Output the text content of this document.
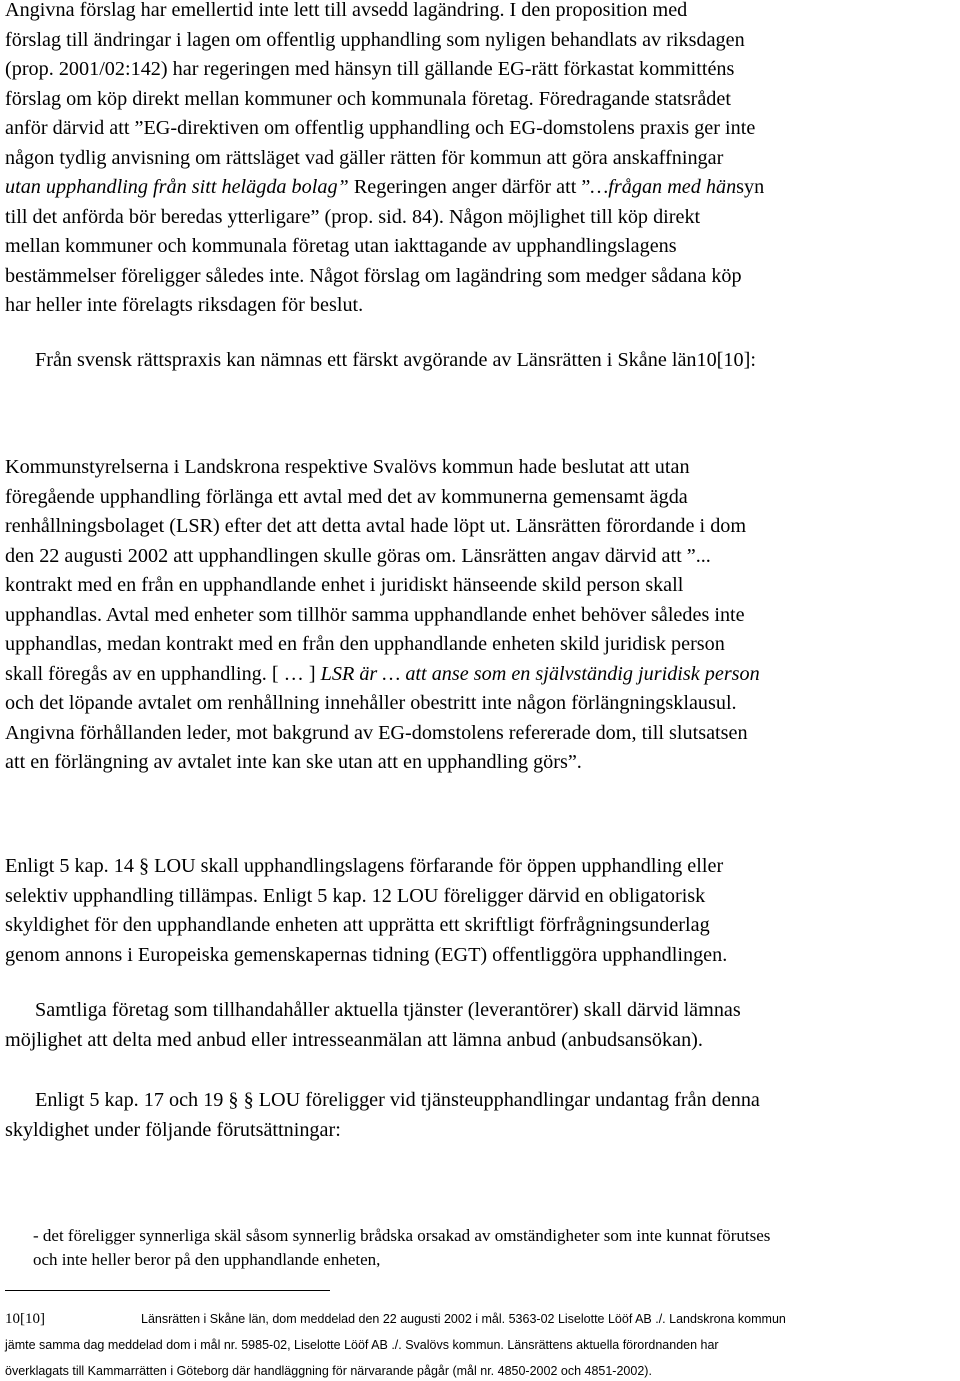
Angivna förslag har emellertid inte lett till avsedd lagändring. I den proposition med
förslag till ändringar i lagen om offentlig upphandling som nyligen behandlats av riksdagen
(prop. 2001/02:142) har regeringen med hänsyn till gällande EG-rätt förkastat kommitténs
förslag om köp direkt mellan kommuner och kommunala företag. Föredragande statsrådet
anför därvid att ”EG-direktiven om offentlig upphandling och EG-domstolens praxis ger inte
någon tydlig anvisning om rättsläget vad gäller rätten för kommun att göra anskaffningar
utan upphandling från sitt helägda bolag” Regeringen anger därför att ”…frågan med hänsyn
till det anförda bör beredas ytterligare” (prop. sid. 84). Någon möjlighet till köp direkt
mellan kommuner och kommunala företag utan iakttagande av upphandlingslagens
bestämmelser föreligger således inte. Något förslag om lagändring som medger sådana köp
har heller inte förelagts riksdagen för beslut.
Från svensk rättspraxis kan nämnas ett färskt avgörande av Länsrätten i Skåne län10[10]:
Kommunstyrelserna i Landskrona respektive Svalövs kommun hade beslutat att utan
föregående upphandling förlänga ett avtal med det av kommunerna gemensamt ägda
renhållningsbolaget (LSR) efter det att detta avtal hade löpt ut. Länsrätten förordande i dom
den 22 augusti 2002 att upphandlingen skulle göras om. Länsrätten angav därvid att ”...
kontrakt med en från en upphandlande enhet i juridiskt hänseende skild person skall
upphandlas. Avtal med enheter som tillhör samma upphandlande enhet behöver således inte
upphandlas, medan kontrakt med en från den upphandlande enheten skild juridisk person
skall föregås av en upphandling. [ … ] LSR är … att anse som en självständig juridisk person
och det löpande avtalet om renhållning innehåller obestritt inte någon förlängningsklausul.
Angivna förhållanden leder, mot bakgrund av EG-domstolens refererade dom, till slutsatsen
att en förlängning av avtalet inte kan ske utan att en upphandling görs”.
Enligt 5 kap. 14 § LOU skall upphandlingslagens förfarande för öppen upphandling eller
selektiv upphandling tillämpas. Enligt 5 kap. 12 LOU föreligger därvid en obligatorisk
skyldighet för den upphandlande enheten att upprätta ett skriftligt förfrågningsunderlag
genom annons i Europeiska gemenskapernas tidning (EGT) offentliggöra upphandlingen.
Samtliga företag som tillhandahåller aktuella tjänster (leverantörer) skall därvid lämnas
möjlighet att delta med anbud eller intresseanmälan att lämna anbud (anbudsansökan).
Enligt 5 kap. 17 och 19 § § LOU föreligger vid tjänsteupphandlingar undantag från denna
skyldighet under följande förutsättningar:
- det föreligger synnerliga skäl såsom synnerlig brådska orsakad av omständigheter som inte kunnat förutses
och inte heller beror på den upphandlande enheten,
10[10]	Länsrätten i Skåne län, dom meddelad den 22 augusti 2002 i mål. 5363-02 Liselotte Lööf AB ./. Landskrona kommun
jämte samma dag meddelad dom i mål nr. 5985-02, Liselotte Lööf AB ./. Svalövs kommun. Länsrättens aktuella förordnanden har
överklagats till Kammarrätten i Göteborg där handläggning för närvarande pågår (mål nr. 4850-2002 och 4851-2002).
